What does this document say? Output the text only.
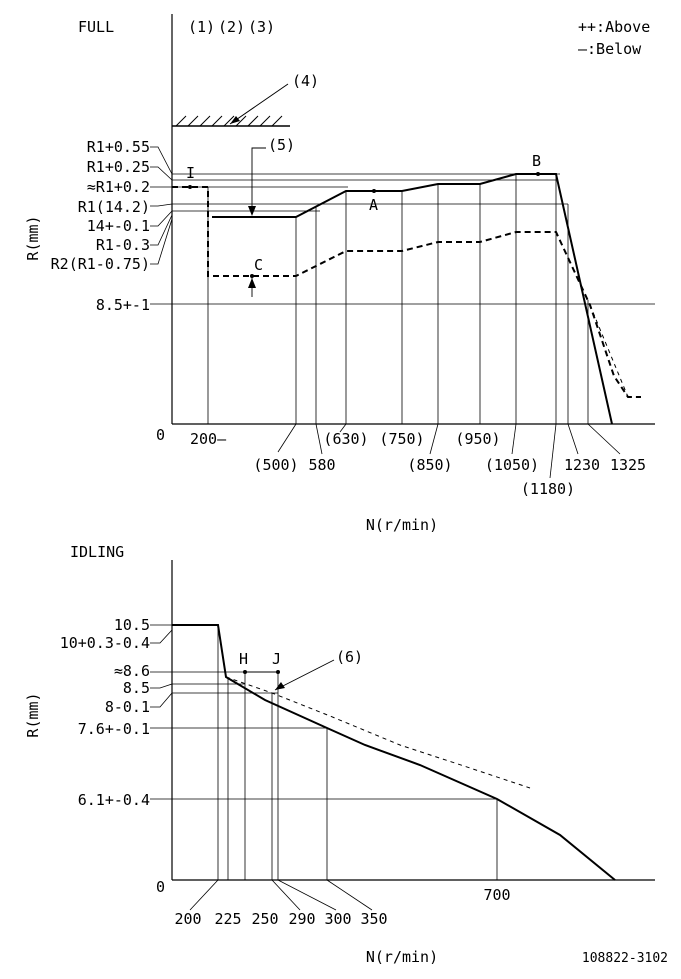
FULL	(1) (2) (3)	++:Above
—:Below
0
(4)
R1+0.55
R1+0.25
≈R1+0.2
R1(14.2)
14+-0.1
R1-0.3
R2(R1-0.75)
8.5+-1
R(mm)
(5)
I
A
B
C
200—
(500) 580
(630) (750)
(850)
(950)
(1050)
(1180)
1230 1325
N(r/min)
IDLING
0
10.5
10+0.3-0.4
≈8.6
8.5
8-0.1
7.6+-0.1
6.1+-0.4
R(mm)
H J	(6)
200 225 250 290 300 350
700
N(r/min)	108822-3102
